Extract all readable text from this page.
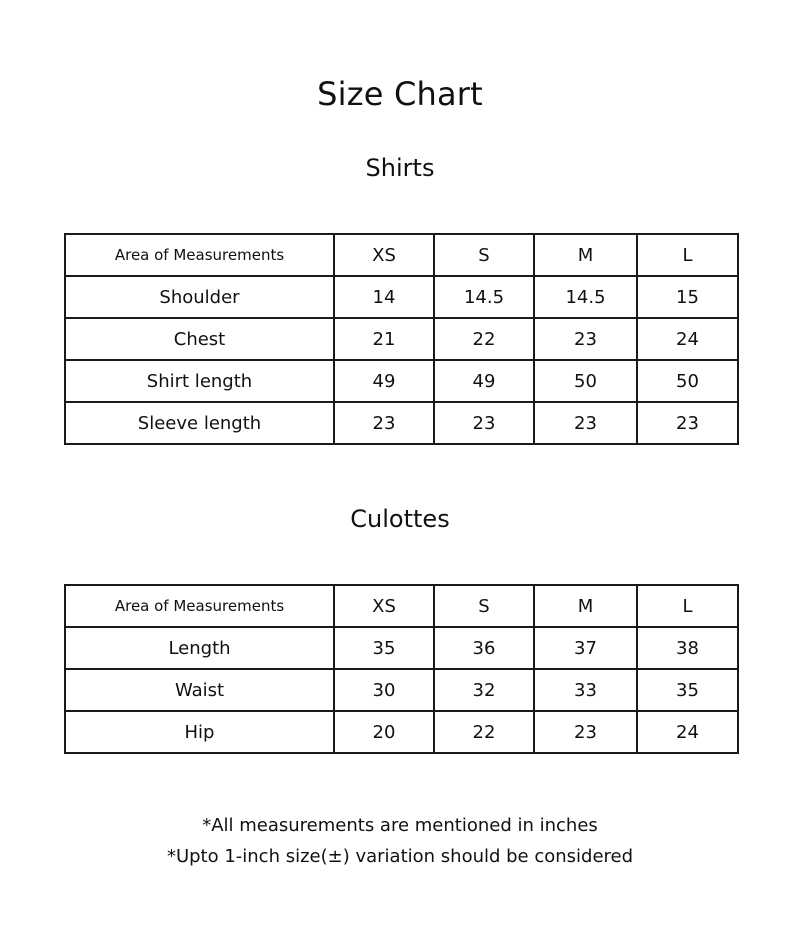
Size Chart
Shirts
Area of Measurements	XS	S	M	L
Shoulder	14	14.5	14.5	15
Chest	21	22	23	24
Shirt length	49	49	50	50
Sleeve length	23	23	23	23
Culottes
Area of Measurements	XS	S	M	L
Length	35	36	37	38
Waist	30	32	33	35
Hip	20	22	23	24
*All measurements are mentioned in inches
*Upto 1-inch size(±) variation should be considered
